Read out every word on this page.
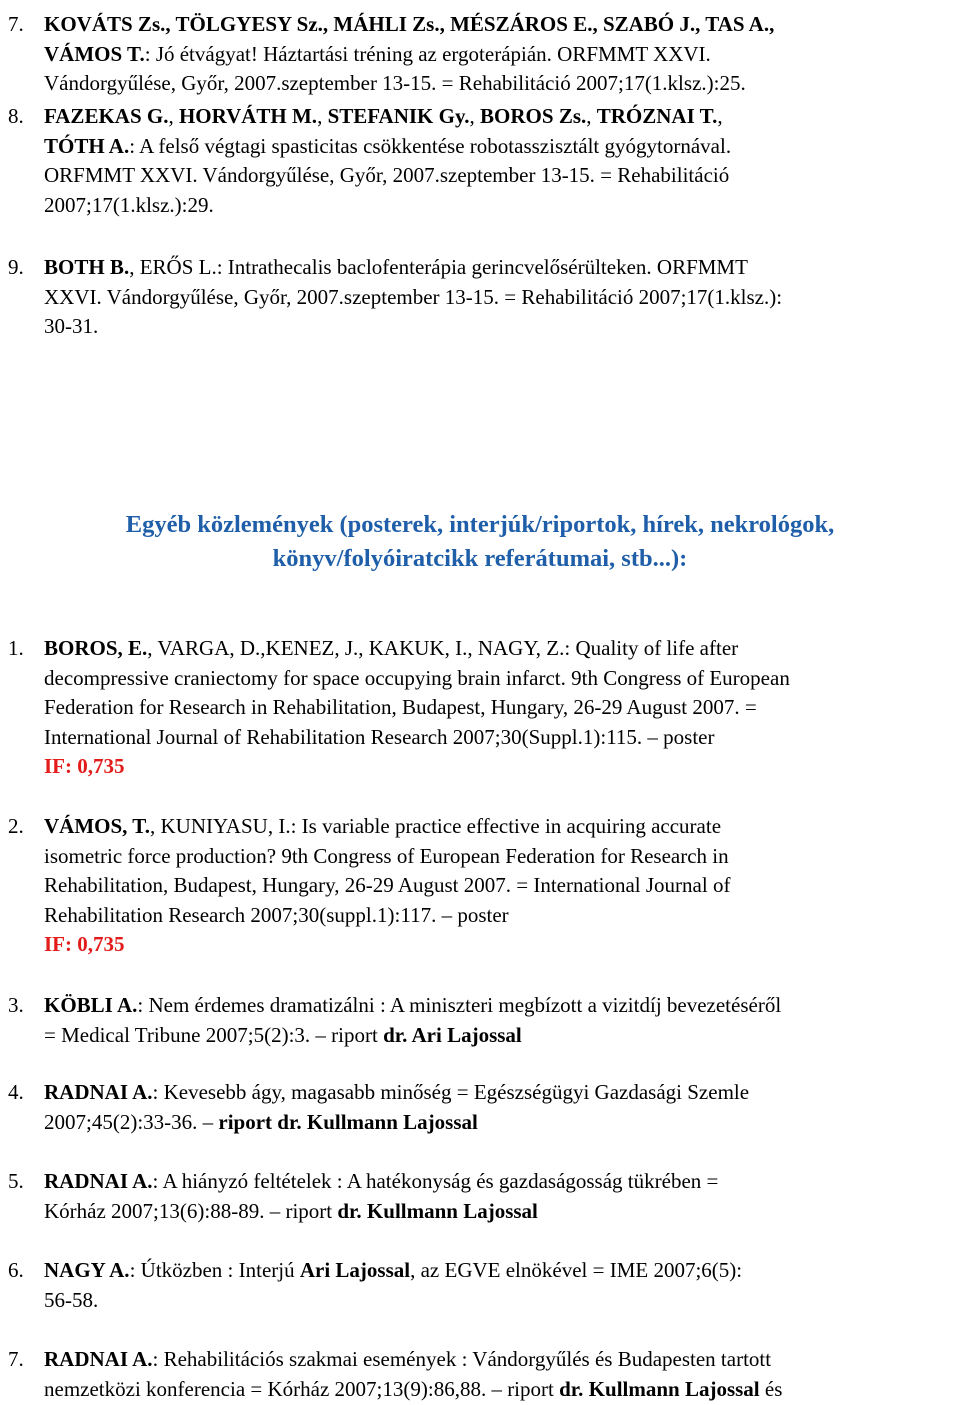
7. KOVÁTS Zs., TÖLGYESY Sz., MÁHLI Zs., MÉSZÁROS E., SZABÓ J., TAS A.,
VÁMOS T.: Jó étvágyat! Háztartási tréning az ergoterápián. ORFMMT XXVI.
Vándorgyűlése, Győr, 2007.szeptember 13-15. = Rehabilitáció 2007;17(1.klsz.):25.
8. FAZEKAS G., HORVÁTH M., STEFANIK Gy., BOROS Zs., TRÓZNAI T.,
TÓTH A.: A felső végtagi spasticitas csökkentése robotasszisztált gyógytornával.
ORFMMT XXVI. Vándorgyűlése, Győr, 2007.szeptember 13-15. = Rehabilitáció
2007;17(1.klsz.):29.
9. BOTH B., ERŐS L.: Intrathecalis baclofenterápia gerincvelősérülteken. ORFMMT
XXVI. Vándorgyűlése, Győr, 2007.szeptember 13-15. = Rehabilitáció 2007;17(1.klsz.):
30-31.
Egyéb közlemények (posterek, interjúk/riportok, hírek, nekrológok,
könyv/folyóiratcikk referátumai, stb...):
1. BOROS, E., VARGA, D.,KENEZ, J., KAKUK, I., NAGY, Z.: Quality of life after
decompressive craniectomy for space occupying brain infarct. 9th Congress of European
Federation for Research in Rehabilitation, Budapest, Hungary, 26-29 August 2007. =
International Journal of Rehabilitation Research 2007;30(Suppl.1):115. – poster
IF: 0,735
2. VÁMOS, T., KUNIYASU, I.: Is variable practice effective in acquiring accurate
isometric force production? 9th Congress of European Federation for Research in
Rehabilitation, Budapest, Hungary, 26-29 August 2007. = International Journal of
Rehabilitation Research 2007;30(suppl.1):117. – poster
IF: 0,735
3. KÖBLI A.: Nem érdemes dramatizálni : A miniszteri megbízott a vizitdíj bevezetéséről
= Medical Tribune 2007;5(2):3. – riport dr. Ari Lajossal
4. RADNAI A.: Kevesebb ágy, magasabb minőség = Egészségügyi Gazdasági Szemle
2007;45(2):33-36. – riport dr. Kullmann Lajossal
5. RADNAI A.: A hiányzó feltételek : A hatékonyság és gazdaságosság tükrében =
Kórház 2007;13(6):88-89. – riport dr. Kullmann Lajossal
6. NAGY A.: Útközben : Interjú Ari Lajossal, az EGVE elnökével = IME 2007;6(5):
56-58.
7. RADNAI A.: Rehabilitációs szakmai események : Vándorgyűlés és Budapesten tartott
nemzetközi konferencia = Kórház 2007;13(9):86,88. – riport dr. Kullmann Lajossal és
